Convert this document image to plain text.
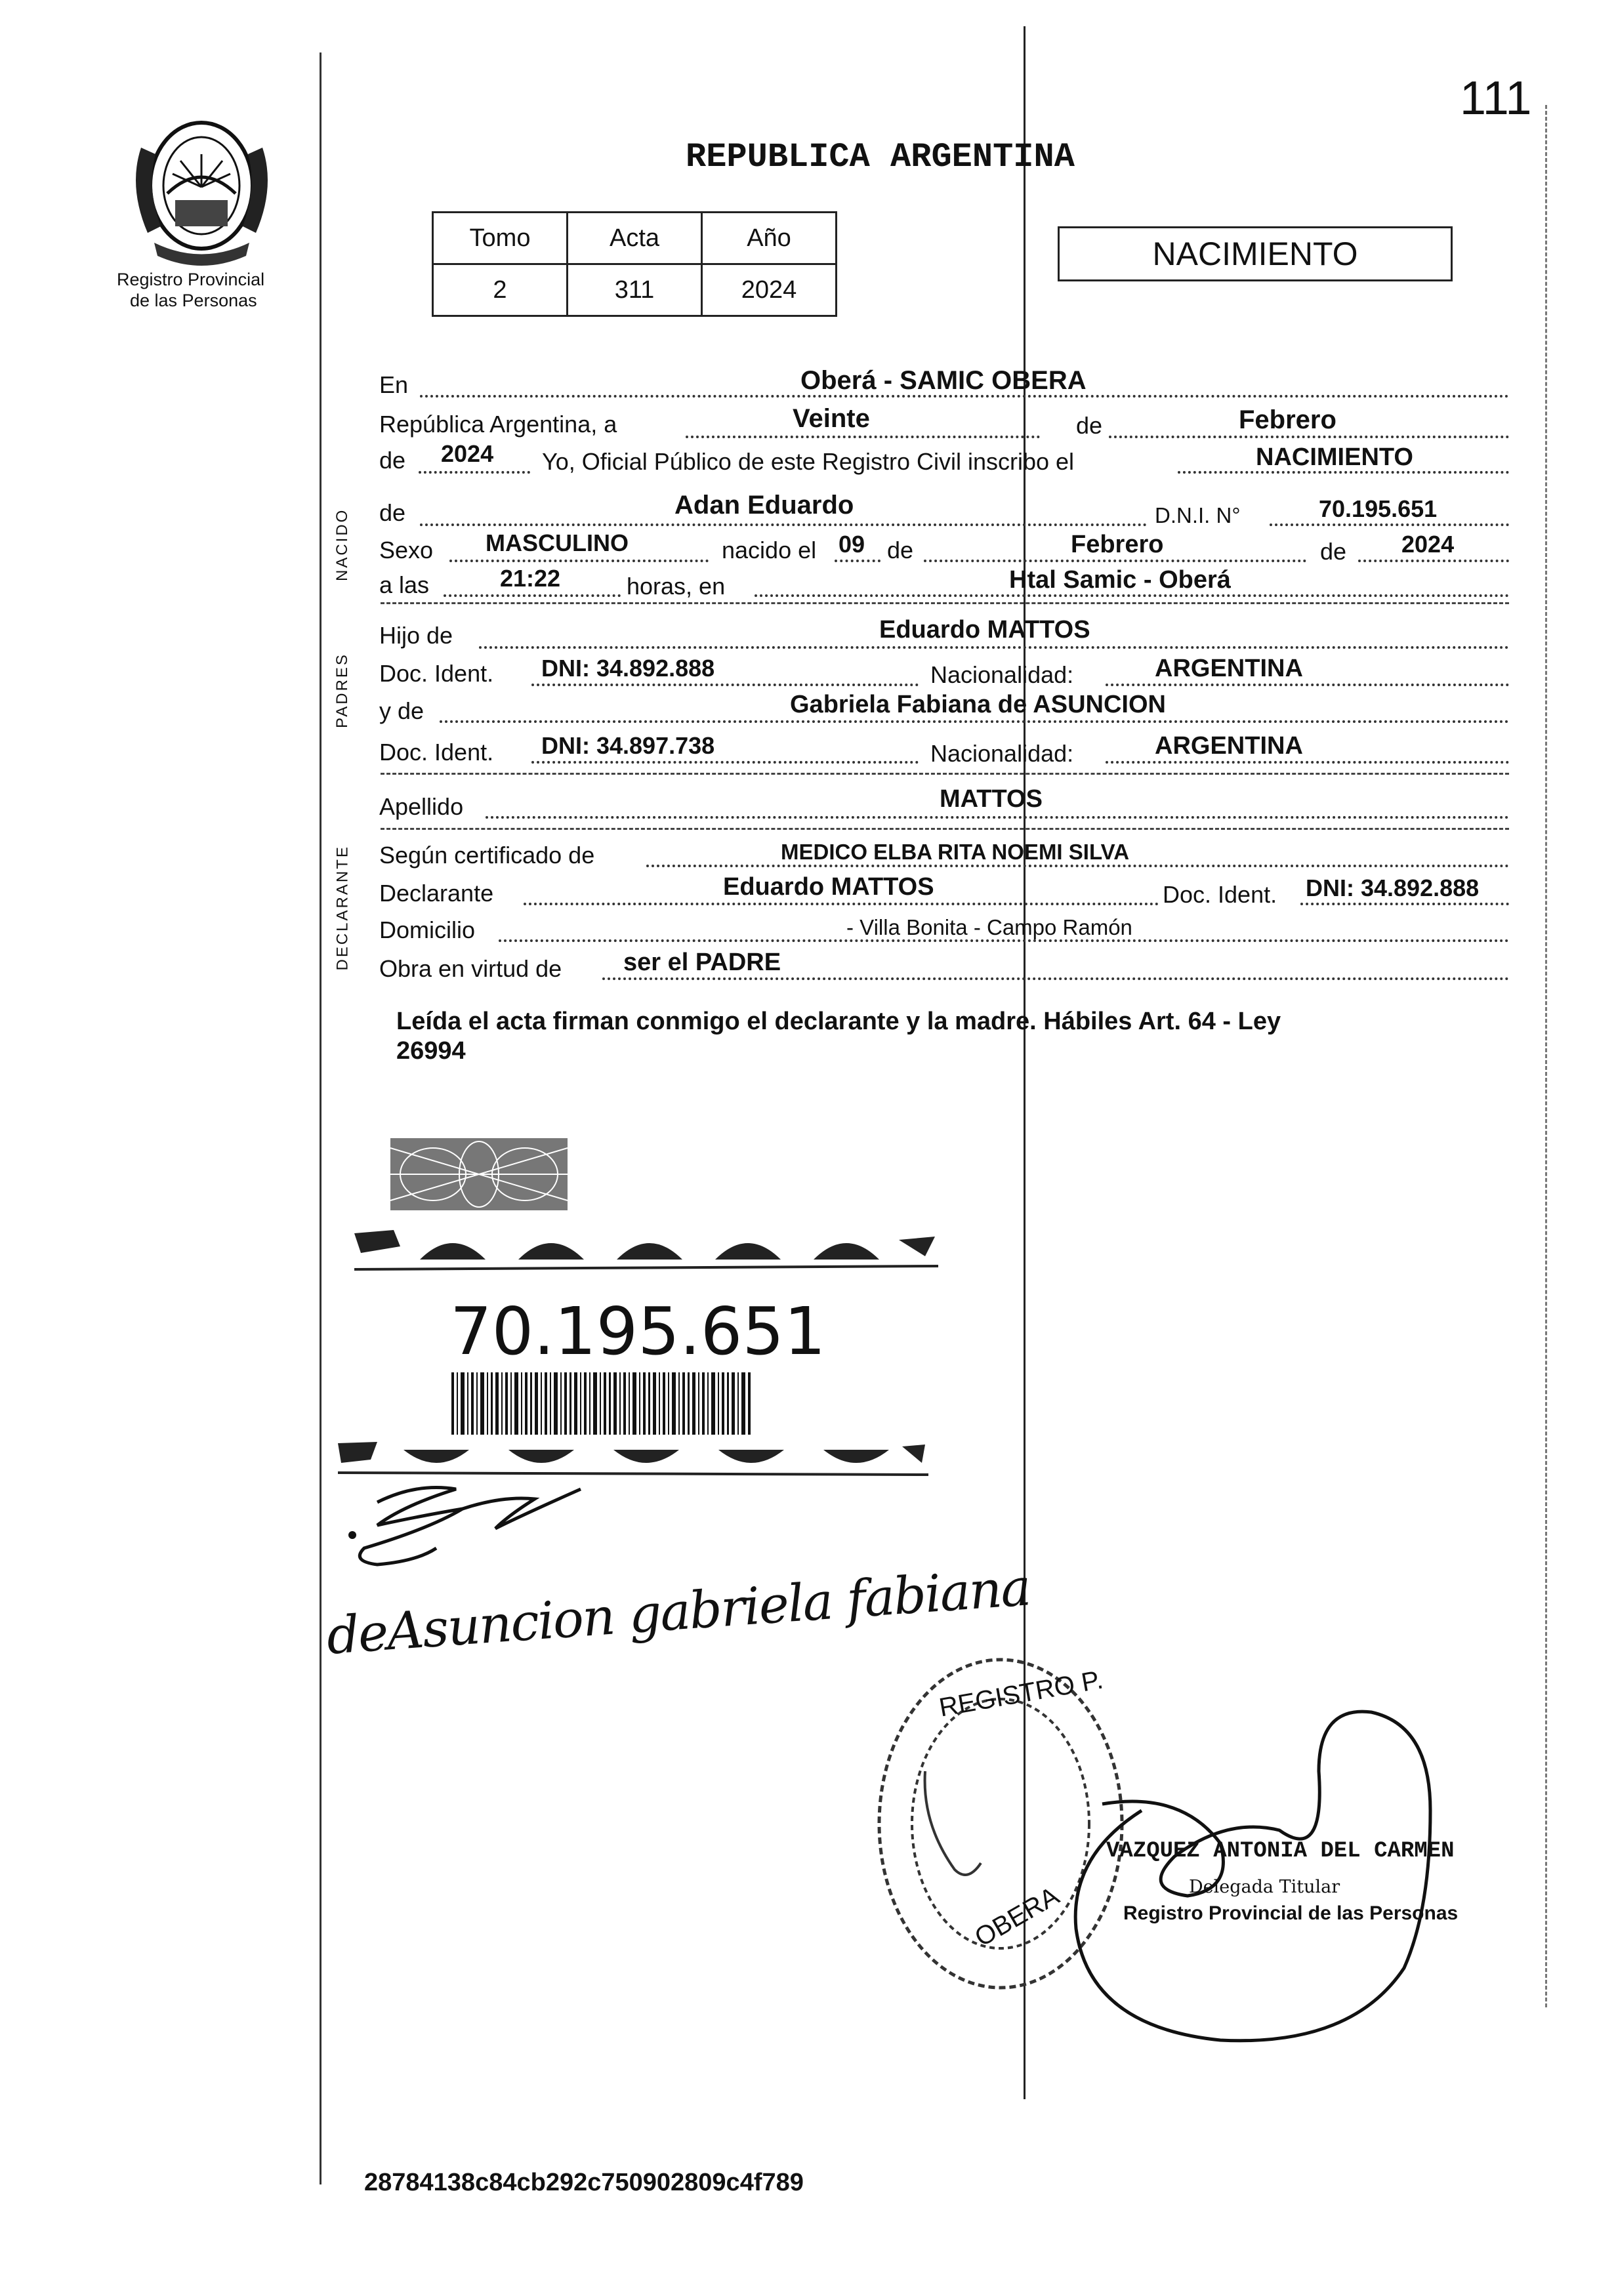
111
Registro Provincial
de las Personas
REPUBLICA ARGENTINA
Tomo	Acta	Año
2	311	2024
NACIMIENTO
NACIDO
PADRES
DECLARANTE
En	Oberá - SAMIC OBERA
República Argentina, a	Veinte	de	Febrero
de 2024 Yo, Oficial Público de este Registro Civil inscribo el	NACIMIENTO
de	Adan Eduardo	D.N.I. N°	70.195.651
Sexo MASCULINO	nacido el 09 de	Febrero	de 2024
a las	21:22	horas, en	Htal Samic - Oberá
Hijo de	Eduardo MATTOS
Doc. Ident. DNI: 34.892.888	Nacionalidad:	ARGENTINA
y de	Gabriela Fabiana de ASUNCION
Doc. Ident. DNI: 34.897.738	Nacionalidad:	ARGENTINA
Apellido	MATTOS
Según certificado de	MEDICO ELBA RITA NOEMI SILVA
Declarante	Eduardo MATTOS	Doc. Ident. DNI: 34.892.888
Domicilio	- Villa Bonita - Campo Ramón
Obra en virtud de ser el PADRE
Leída el acta firman conmigo el declarante y la madre. Hábiles Art. 64 - Ley
26994
70.195.651
deAsuncion gabriela fabiana
REGISTRO P.
OBERA
VAZQUEZ ANTONIA DEL CARMEN
Delegada Titular
Registro Provincial de las Personas
28784138c84cb292c750902809c4f789
